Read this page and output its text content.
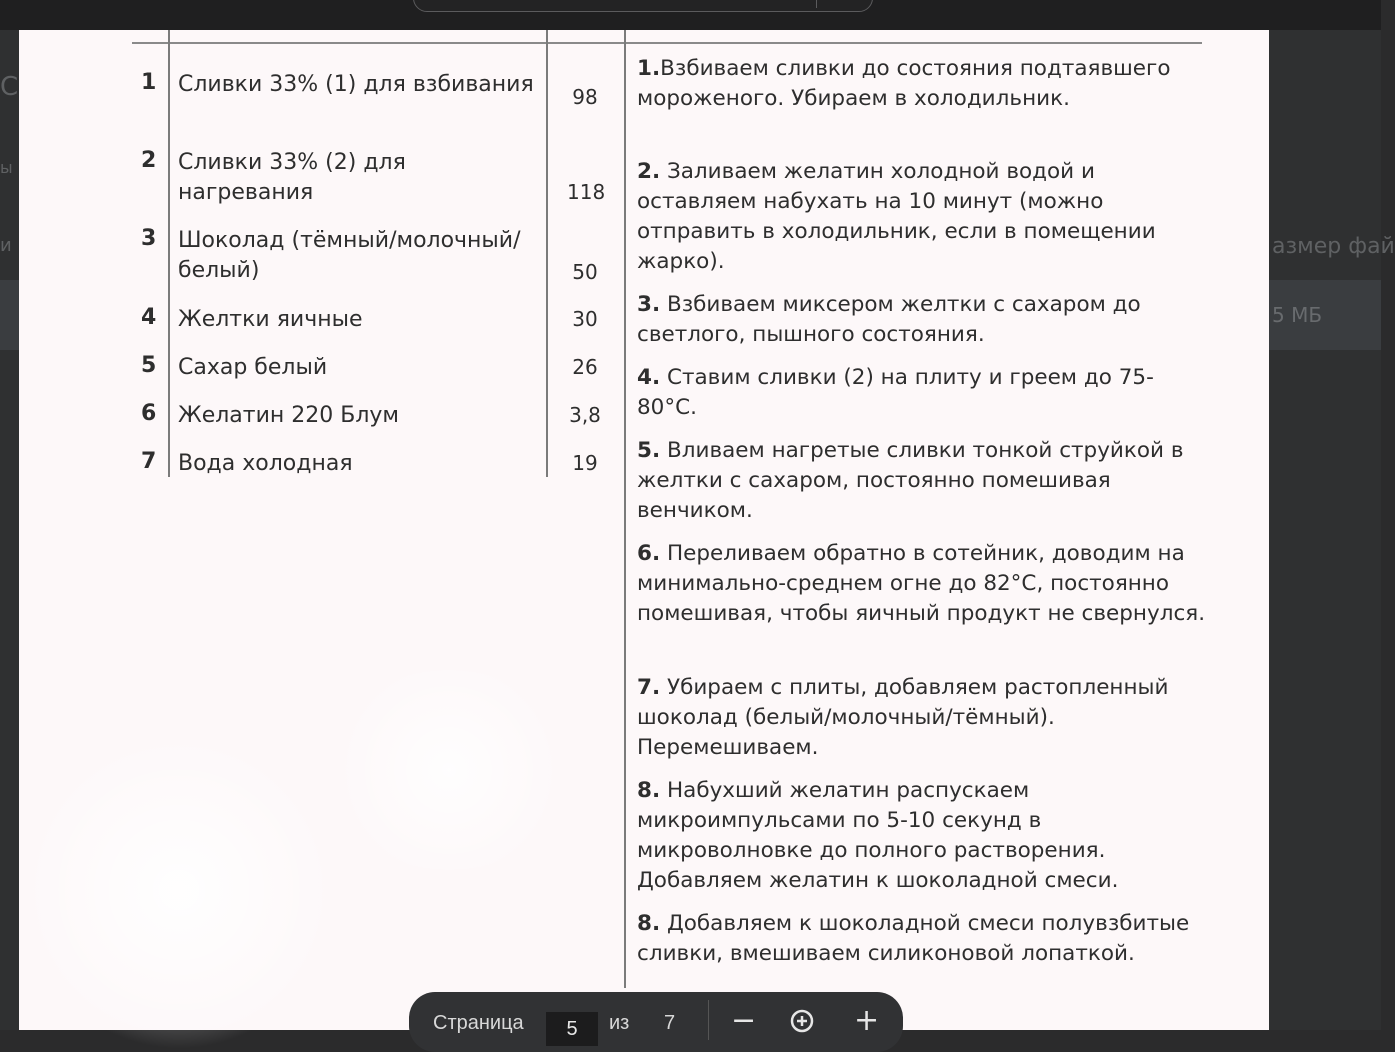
С
ы
и	азмер фай
5 МБ
1 Сливки 33% (1) для взбивания	98
2 Сливки 33% (2) для нагревания	118
3 Шоколад (тёмный/молочный/белый)	50
4 Желтки яичные	30
5 Сахар белый	26
6 Желатин 220 Блум	3,8
7 Вода холодная	19
1.Взбиваем сливки до состояния подтаявшего мороженого. Убираем в холодильник.
2. Заливаем желатин холодной водой и оставляем набухать на 10 минут (можно отправить в холодильник, если в помещении жарко).
3. Взбиваем миксером желтки с сахаром до светлого, пышного состояния.
4. Ставим сливки (2) на плиту и греем до 75-80°С.
5. Вливаем нагретые сливки тонкой струйкой в желтки с сахаром, постоянно помешивая венчиком.
6. Переливаем обратно в сотейник, доводим на минимально-среднем огне до 82°С, постоянно помешивая, чтобы яичный продукт не свернулся.
7. Убираем с плиты, добавляем растопленный шоколад (белый/молочный/тёмный). Перемешиваем.
8. Набухший желатин распускаем микроимпульсами по 5-10 секунд в микроволновке до полного растворения. Добавляем желатин к шоколадной смеси.
8. Добавляем к шоколадной смеси полувзбитые сливки, вмешиваем силиконовой лопаткой.
Страница
5	из 7 −	+
